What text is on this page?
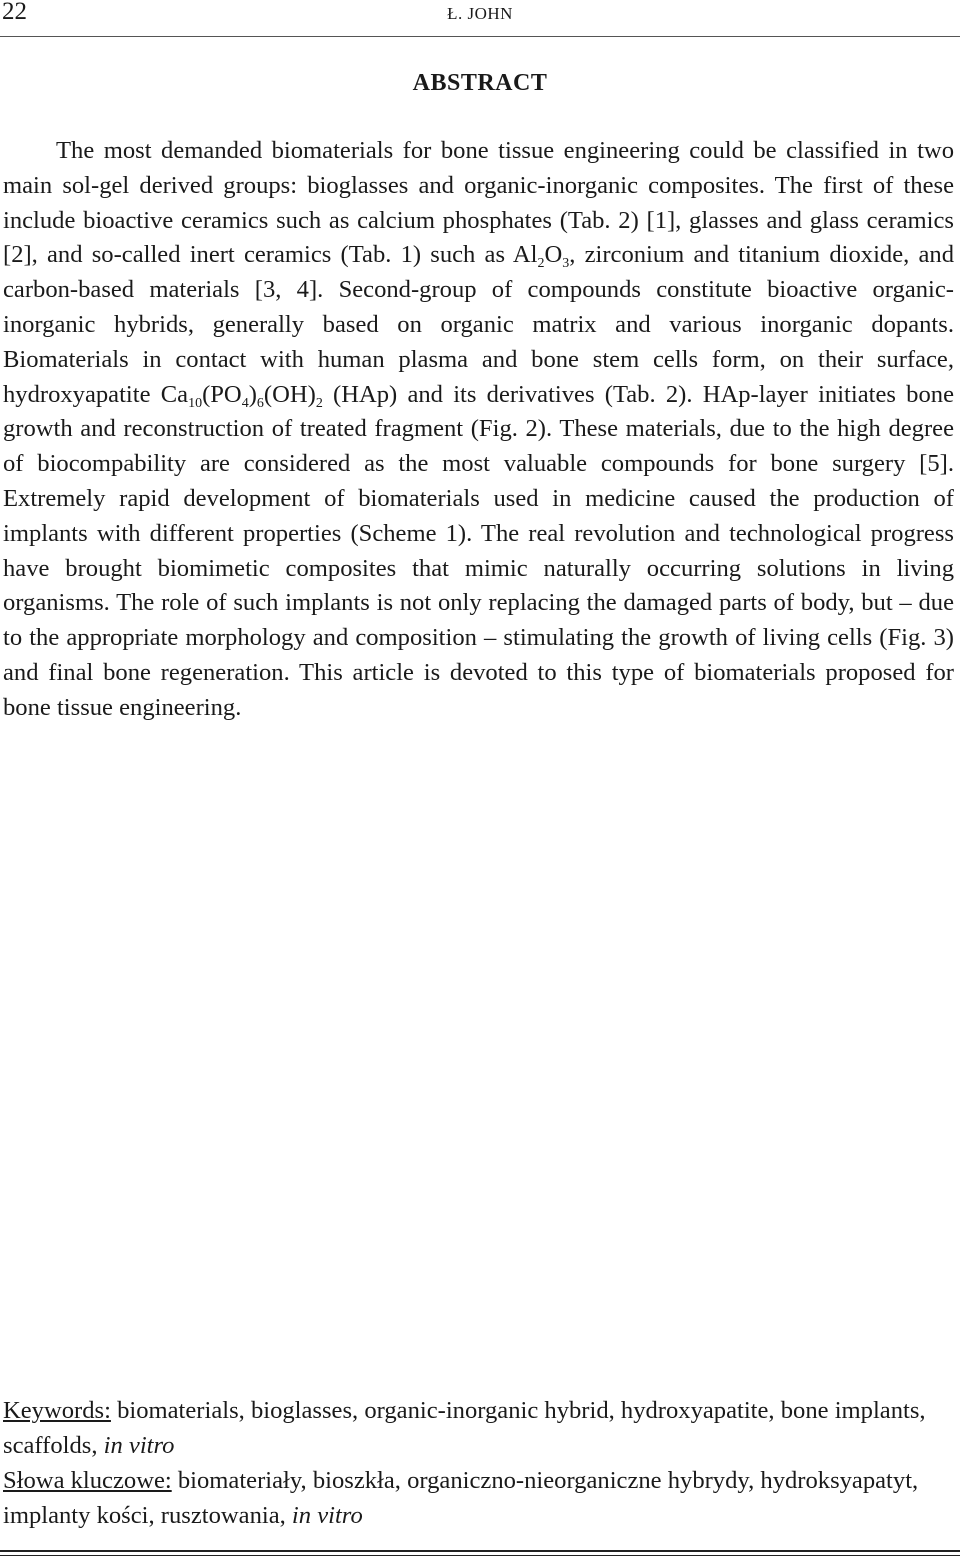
22	Ł. JOHN
ABSTRACT

The most demanded biomaterials for bone tissue engineering could be classified in two main sol-gel derived groups: bioglasses and organic-inorganic composites. The first of these include bioactive ceramics such as calcium phosphates (Tab. 2) [1], glasses and glass ceramics [2], and so-called inert ceramics (Tab. 1) such as $Al_2O_3$, zirconium and titanium dioxide, and carbon-based materials [3, 4]. Second-group of compounds constitute bioactive organic-inorganic hybrids, generally based on organic matrix and various inorganic dopants. Biomaterials in contact with human plasma and bone stem cells form, on their surface, hydroxyapatite $Ca_{10}(PO_4)_6(OH)_2$ (HAp) and its derivatives (Tab. 2). HAp-layer initiates bone growth and reconstruction of treated fragment (Fig. 2). These materials, due to the high degree of biocompability are considered as the most valuable compounds for bone surgery [5]. Extremely rapid development of biomaterials used in medicine caused the production of implants with different properties (Scheme 1). The real revolution and technological progress have brought biomimetic composites that mimic naturally occurring solutions in living organisms. The role of such implants is not only replacing the damaged parts of body, but – due to the appropriate morphology and composition – stimulating the growth of living cells (Fig. 3) and final bone regeneration. This article is devoted to this type of biomaterials proposed for bone tissue engineering.

Keywords: biomaterials, bioglasses, organic-inorganic hybrid, hydroxyapatite, bone implants, scaffolds, in vitro
Słowa kluczowe: biomateriały, bioszkła, organiczno-nieorganiczne hybrydy, hydroksyapatyt, implanty kości, rusztowania, in vitro
